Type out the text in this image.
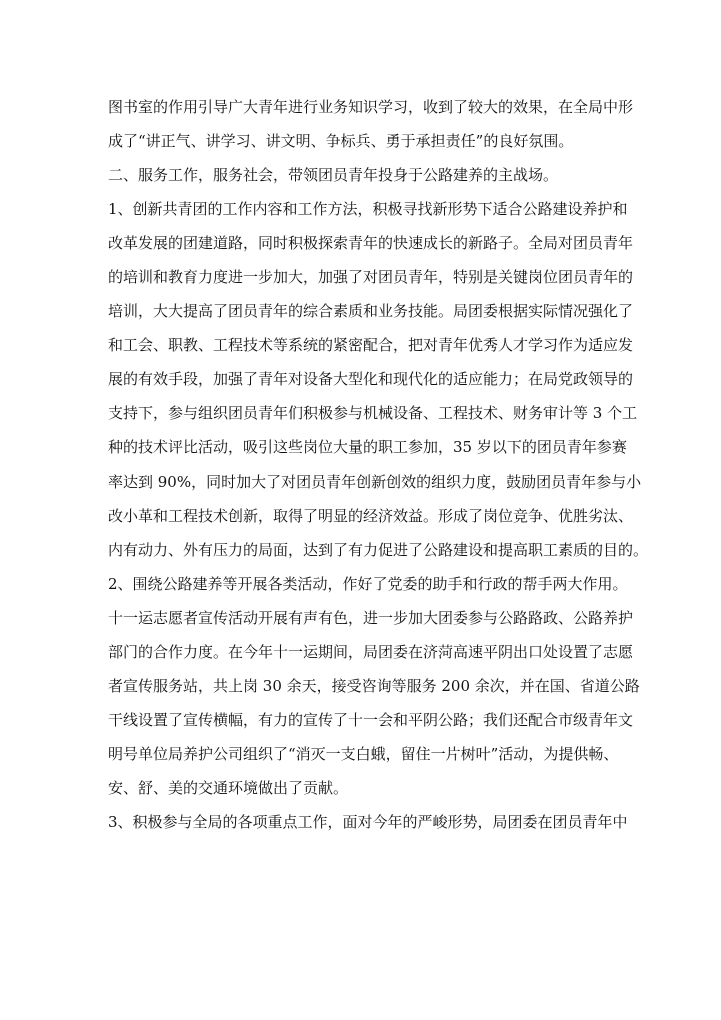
图书室的作用引导广大青年进行业务知识学习，收到了较大的效果，在全局中形
成了“讲正气、讲学习、讲文明、争标兵、勇于承担责任”的良好氛围。
二、服务工作，服务社会，带领团员青年投身于公路建养的主战场。
1、创新共青团的工作内容和工作方法，积极寻找新形势下适合公路建设养护和
改革发展的团建道路，同时积极探索青年的快速成长的新路子。全局对团员青年
的培训和教育力度进一步加大，加强了对团员青年，特别是关键岗位团员青年的
培训，大大提高了团员青年的综合素质和业务技能。局团委根据实际情况强化了
和工会、职教、工程技术等系统的紧密配合，把对青年优秀人才学习作为适应发
展的有效手段，加强了青年对设备大型化和现代化的适应能力；在局党政领导的
支持下，参与组织团员青年们积极参与机械设备、工程技术、财务审计等 3 个工
种的技术评比活动，吸引这些岗位大量的职工参加，35 岁以下的团员青年参赛
率达到 90%，同时加大了对团员青年创新创效的组织力度，鼓励团员青年参与小
改小革和工程技术创新，取得了明显的经济效益。形成了岗位竞争、优胜劣汰、
内有动力、外有压力的局面，达到了有力促进了公路建设和提高职工素质的目的。
2、围绕公路建养等开展各类活动，作好了党委的助手和行政的帮手两大作用。
十一运志愿者宣传活动开展有声有色，进一步加大团委参与公路路政、公路养护
部门的合作力度。在今年十一运期间，局团委在济菏高速平阴出口处设置了志愿
者宣传服务站，共上岗 30 余天，接受咨询等服务 200 余次，并在国、省道公路
干线设置了宣传横幅，有力的宣传了十一会和平阴公路；我们还配合市级青年文
明号单位局养护公司组织了“消灭一支白蛾，留住一片树叶”活动，为提供畅、
安、舒、美的交通环境做出了贡献。
3、积极参与全局的各项重点工作，面对今年的严峻形势，局团委在团员青年中
